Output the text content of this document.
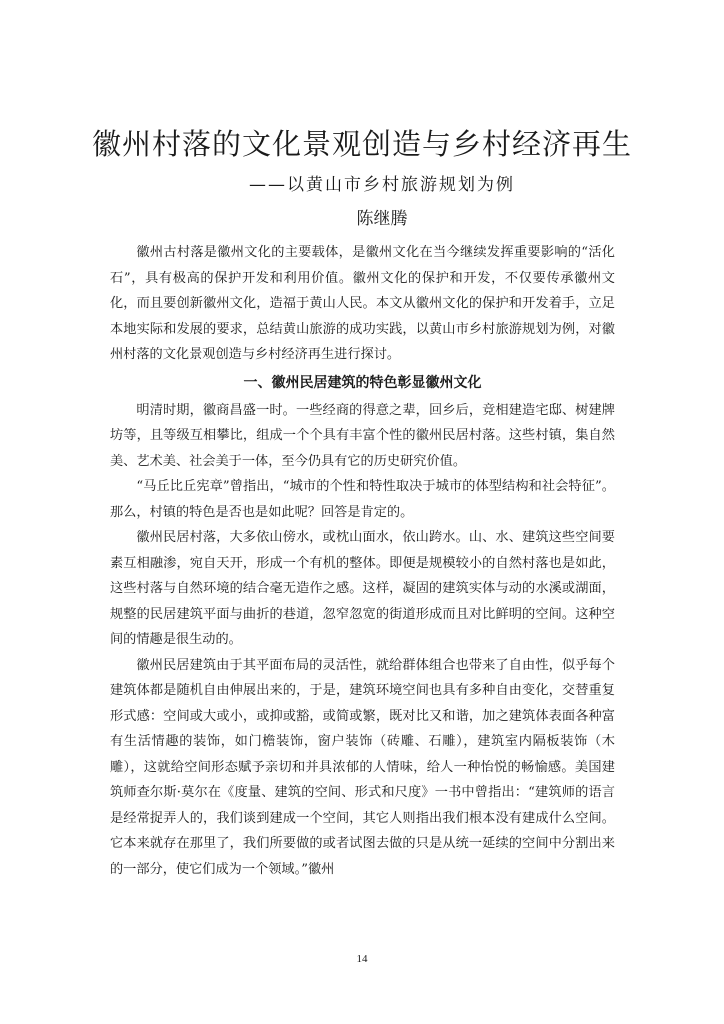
徽州村落的文化景观创造与乡村经济再生
——以黄山市乡村旅游规划为例
陈继腾

徽州古村落是徽州文化的主要载体，是徽州文化在当今继续发挥重要影响的“活化石”，具有极高的保护开发和利用价值。徽州文化的保护和开发，不仅要传承徽州文化，而且要创新徽州文化，造福于黄山人民。本文从徽州文化的保护和开发着手，立足本地实际和发展的要求，总结黄山旅游的成功实践，以黄山市乡村旅游规划为例，对徽州村落的文化景观创造与乡村经济再生进行探讨。

一、徽州民居建筑的特色彰显徽州文化

明清时期，徽商昌盛一时。一些经商的得意之辈，回乡后，竞相建造宅邸、树建牌坊等，且等级互相攀比，组成一个个具有丰富个性的徽州民居村落。这些村镇，集自然美、艺术美、社会美于一体，至今仍具有它的历史研究价值。

“马丘比丘宪章”曾指出，“城市的个性和特性取决于城市的体型结构和社会特征”。那么，村镇的特色是否也是如此呢？回答是肯定的。

徽州民居村落，大多依山傍水，或枕山面水，依山跨水。山、水、建筑这些空间要素互相融渗，宛自天开，形成一个有机的整体。即便是规模较小的自然村落也是如此，这些村落与自然环境的结合毫无造作之感。这样，凝固的建筑实体与动的水溪或湖面，规整的民居建筑平面与曲折的巷道，忽窄忽宽的街道形成而且对比鲜明的空间。这种空间的情趣是很生动的。

徽州民居建筑由于其平面布局的灵活性，就给群体组合也带来了自由性，似乎每个建筑体都是随机自由伸展出来的，于是，建筑环境空间也具有多种自由变化，交替重复形式感：空间或大或小，或抑或豁，或简或繁，既对比又和谐，加之建筑体表面各种富有生活情趣的装饰，如门檐装饰，窗户装饰（砖雕、石雕），建筑室内隔板装饰（木雕），这就给空间形态赋予亲切和并具浓郁的人情味，给人一种怡悦的畅愉感。美国建筑师查尔斯·莫尔在《度量、建筑的空间、形式和尺度》一书中曾指出：“建筑师的语言是经常捉弄人的，我们谈到建成一个空间，其它人则指出我们根本没有建成什么空间。它本来就存在那里了，我们所要做的或者试图去做的只是从统一延续的空间中分割出来的一部分，使它们成为一个领域。”徽州

14
